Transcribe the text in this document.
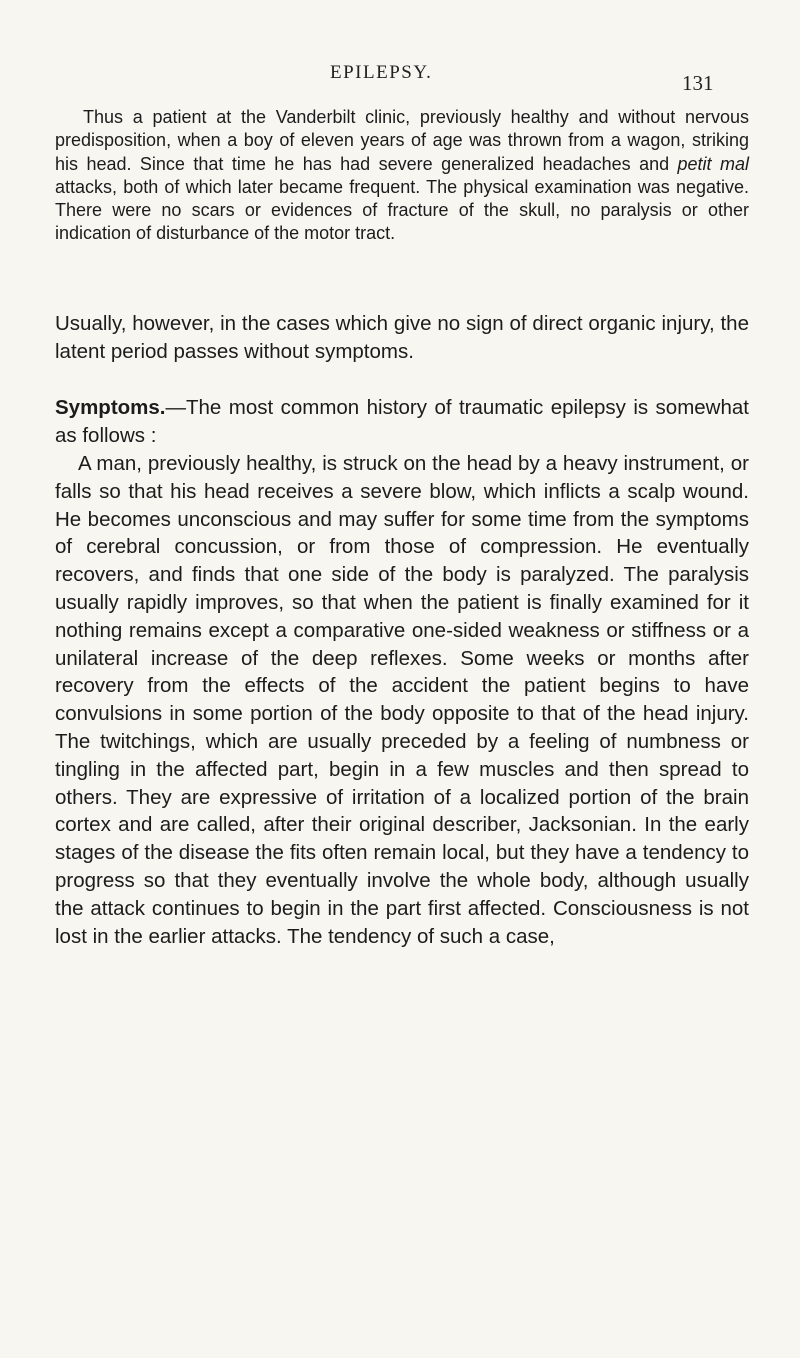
EPILEPSY.	131

Thus a patient at the Vanderbilt clinic, previously healthy and without nervous predisposition, when a boy of eleven years of age was thrown from a wagon, striking his head. Since that time he has had severe generalized headaches and petit mal attacks, both of which later became frequent. The physical examination was negative. There were no scars or evidences of fracture of the skull, no paralysis or other indication of disturbance of the motor tract.

Usually, however, in the cases which give no sign of direct organic injury, the latent period passes without symptoms.

Symptoms.—The most common history of traumatic epilepsy is somewhat as follows :

A man, previously healthy, is struck on the head by a heavy instrument, or falls so that his head receives a severe blow, which inflicts a scalp wound. He becomes unconscious and may suffer for some time from the symptoms of cerebral concussion, or from those of compression. He eventually recovers, and finds that one side of the body is paralyzed. The paralysis usually rapidly improves, so that when the patient is finally examined for it nothing remains except a comparative one-sided weakness or stiffness or a unilateral increase of the deep reflexes. Some weeks or months after recovery from the effects of the accident the patient begins to have convulsions in some portion of the body opposite to that of the head injury. The twitchings, which are usually preceded by a feeling of numbness or tingling in the affected part, begin in a few muscles and then spread to others. They are expressive of irritation of a localized portion of the brain cortex and are called, after their original describer, Jacksonian. In the early stages of the disease the fits often remain local, but they have a tendency to progress so that they eventually involve the whole body, although usually the attack continues to begin in the part first affected. Consciousness is not lost in the earlier attacks. The tendency of such a case,
